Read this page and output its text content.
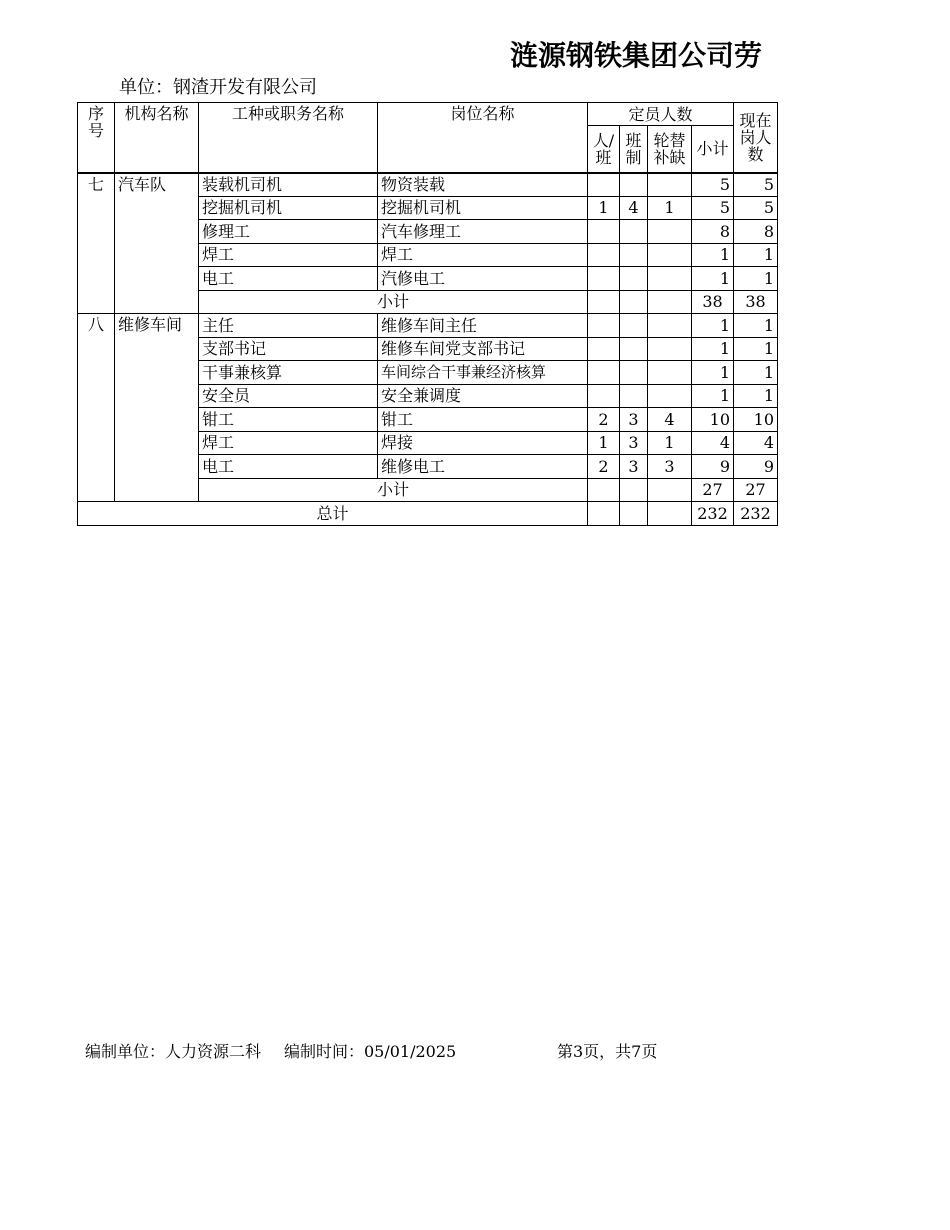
涟源钢铁集团公司劳
单位：钢渣开发有限公司
序号	机构名称	工种或职务名称	岗位名称	定员人数				现在岗人数
				人/班	班制	轮替补缺	小计	
七	汽车队	装载机司机	物资装载				5	5
		挖掘机司机	挖掘机司机	1	4	1	5	5
		修理工	汽车修理工				8	8
		焊工	焊工				1	1
		电工	汽修电工				1	1
		小计					38	38
八	维修车间	主任	维修车间主任				1	1
		支部书记	维修车间党支部书记				1	1
		干事兼核算	车间综合干事兼经济核算				1	1
		安全员	安全兼调度				1	1
		钳工	钳工	2	3	4	10	10
		焊工	焊接	1	3	1	4	4
		电工	维修电工	2	3	3	9	9
		小计					27	27
总计							232	232
编制单位：人力资源二科	编制时间：05/01/2025	第3页，共7页
